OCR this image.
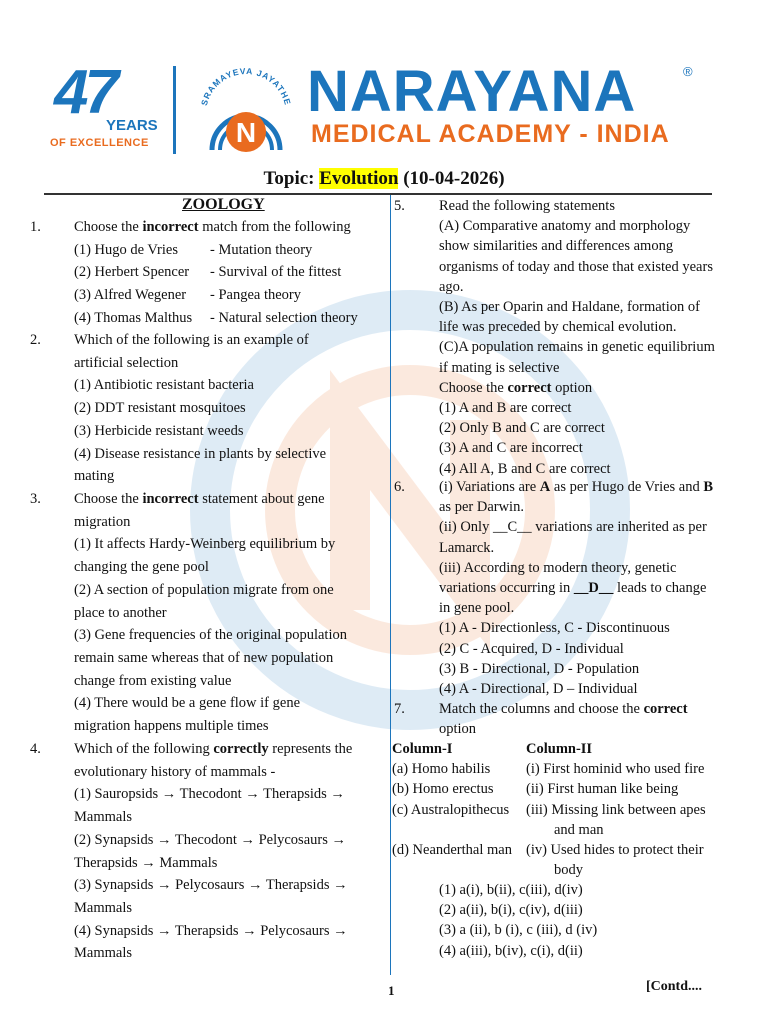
47
YEARS
OF EXCELLENCE
SRAMAYEVA JAYATHE
N
NARAYANA	®
MEDICAL ACADEMY - INDIA
Topic: Evolution (10-04-2026)
ZOOLOGY
1. Choose the incorrect match from the following
(1) Hugo de Vries - Mutation theory
(2) Herbert Spencer - Survival of the fittest
(3) Alfred Wegener - Pangea theory
(4) Thomas Malthus - Natural selection theory
2. Which of the following is an example of
artificial selection
(1) Antibiotic resistant bacteria
(2) DDT resistant mosquitoes
(3) Herbicide resistant weeds
(4) Disease resistance in plants by selective
mating
3. Choose the incorrect statement about gene
migration
(1) It affects Hardy-Weinberg equilibrium by
changing the gene pool
(2) A section of population migrate from one
place to another
(3) Gene frequencies of the original population
remain same whereas that of new population
change from existing value
(4) There would be a gene flow if gene
migration happens multiple times
4. Which of the following correctly represents the
evolutionary history of mammals -
(1) Sauropsids → Thecodont → Therapsids →
Mammals
(2) Synapsids → Thecodont → Pelycosaurs →
Therapsids → Mammals
(3) Synapsids → Pelycosaurs → Therapsids →
Mammals
(4) Synapsids → Therapsids → Pelycosaurs →
Mammals
5. Read the following statements
(A) Comparative anatomy and morphology
show similarities and differences among
organisms of today and those that existed years
ago.
(B) As per Oparin and Haldane, formation of
life was preceded by chemical evolution.
(C)A population remains in genetic equilibrium
if mating is selective
Choose the correct option
(1) A and B are correct
(2) Only B and C are correct
(3) A and C are incorrect
(4) All A, B and C are correct
6. (i) Variations are A as per Hugo de Vries and B
as per Darwin.
(ii) Only __C__ variations are inherited as per
Lamarck.
(iii) According to modern theory, genetic
variations occurring in __D__ leads to change
in gene pool.
(1) A - Directionless, C - Discontinuous
(2) C - Acquired, D - Individual
(3) B - Directional, D - Population
(4) A - Directional, D – Individual
7. Match the columns and choose the correct
option
Column-I	Column-II
(a) Homo habilis	(i) First hominid who used fire

(b) Homo erectus	(ii) First human like being

(c) Australopithecus	(iii) Missing link between apes
and man

(d) Neanderthal man	(iv) Used hides to protect their
body
(1) a(i), b(ii), c(iii), d(iv)
(2) a(ii), b(i), c(iv), d(iii)
(3) a (ii), b (i), c (iii), d (iv)
(4) a(iii), b(iv), c(i), d(ii)
1	[Contd....
